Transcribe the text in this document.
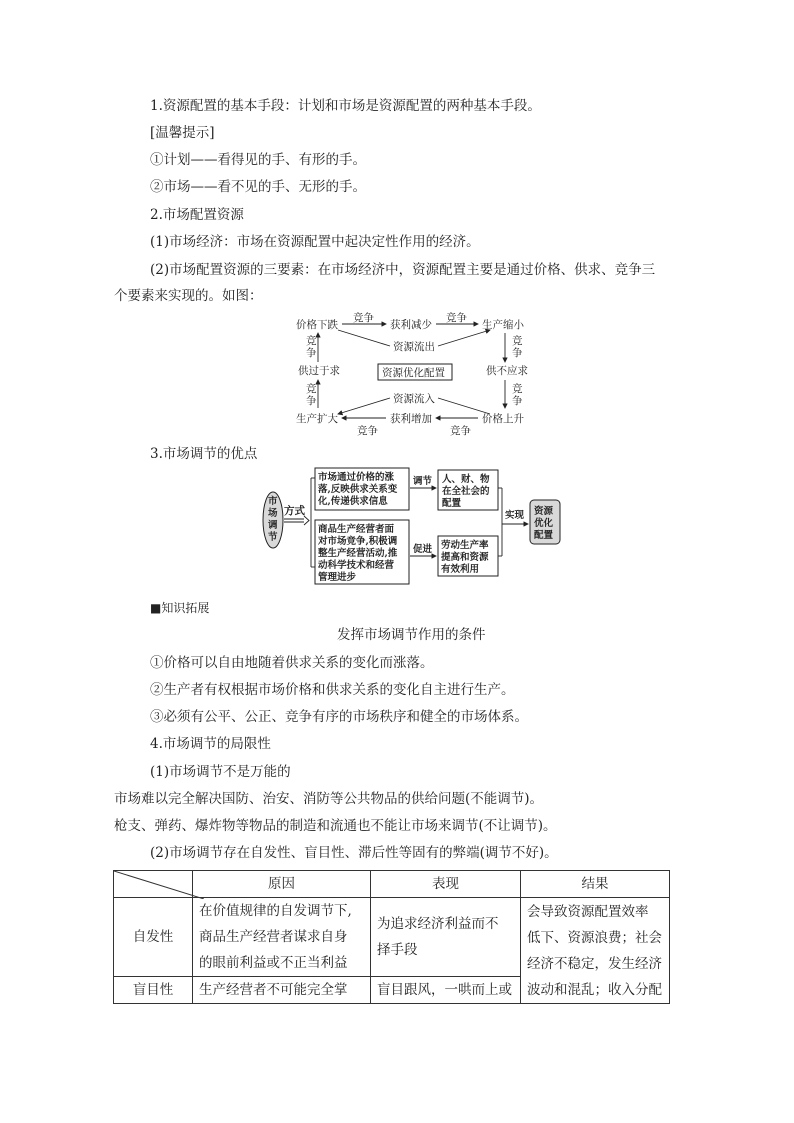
1.资源配置的基本手段：计划和市场是资源配置的两种基本手段。
[温馨提示]
①计划——看得见的手、有形的手。
②市场——看不见的手、无形的手。
2.市场配置资源
(1)市场经济：市场在资源配置中起决定性作用的经济。
(2)市场配置资源的三要素：在市场经济中，资源配置主要是通过价格、供求、竞争三
个要素来实现的。如图：
价格下跌	获利减少	生产缩小
竞争	竞争
供过于求	供不应求
资源流出
资源流入
生产扩大	获利增加	价格上升
竞争	竞争
竞
争
竞
争
竞
争
竞
争
资源优化配置
3.市场调节的优点
市
场
调
节
方式
市场通过价格的涨
落,反映供求关系变
化,传递供求信息
商品生产经营者面
对市场竞争,积极调
整生产经营活动,推
动科学技术和经营
管理进步
调节
促进
人、财、物
在全社会的
配置
劳动生产率
提高和资源
有效利用
实现 资源
优化
配置
■知识拓展
发挥市场调节作用的条件
①价格可以自由地随着供求关系的变化而涨落。
②生产者有权根据市场价格和供求关系的变化自主进行生产。
③必须有公平、公正、竞争有序的市场秩序和健全的市场体系。
4.市场调节的局限性
(1)市场调节不是万能的
市场难以完全解决国防、治安、消防等公共物品的供给问题(不能调节)。
枪支、弹药、爆炸物等物品的制造和流通也不能让市场来调节(不让调节)。
(2)市场调节存在自发性、盲目性、滞后性等固有的弊端(调节不好)。
	原因	表现	结果
自发性	在价值规律的自发调节下,
商品生产经营者谋求自身
的眼前利益或不正当利益	为追求经济利益而不
择手段	会导致资源配置效率
低下、资源浪费；社会
经济不稳定，发生经济
波动和混乱；收入分配

盲目性	生产经营者不可能完全掌	盲目跟风，一哄而上或	
